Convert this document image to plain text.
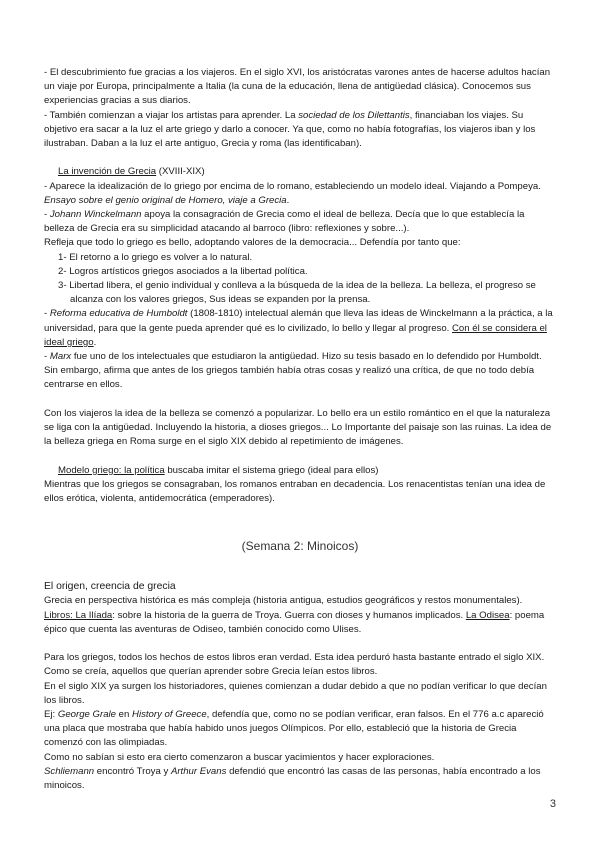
- El descubrimiento fue gracias a los viajeros. En el siglo XVI, los aristócratas varones antes de hacerse adultos hacían un viaje por Europa, principalmente a Italia (la cuna de la educación, llena de antigüedad clásica). Conocemos sus experiencias gracias a sus diarios.

- También comienzan a viajar los artistas para aprender. La sociedad de los Dilettantis, financiaban los viajes. Su objetivo era sacar a la luz el arte griego y darlo a conocer. Ya que, como no había fotografías, los viajeros iban y los ilustraban. Daban a la luz el arte antiguo, Grecia y roma (las identificaban).

La invención de Grecia (XVIII-XIX)

- Aparece la idealización de lo griego por encima de lo romano, estableciendo un modelo ideal. Viajando a Pompeya. Ensayo sobre el genio original de Homero, viaje a Grecia.

- Johann Winckelmann apoya la consagración de Grecia como el ideal de belleza. Decía que lo que establecía la belleza de Grecia era su simplicidad atacando al barroco (libro: reflexiones y sobre...).

Refleja que todo lo griego es bello, adoptando valores de la democracia... Defendía por tanto que:

1- El retorno a lo griego es volver a lo natural.

2- Logros artísticos griegos asociados a la libertad política.

3- Libertad libera, el genio individual y conlleva a la búsqueda de la idea de la belleza. La belleza, el progreso se alcanza con los valores griegos, Sus ideas se expanden por la prensa.

- Reforma educativa de Humboldt (1808-1810) intelectual alemán que lleva las ideas de Winckelmann a la práctica, a la universidad, para que la gente pueda aprender qué es lo civilizado, lo bello y llegar al progreso. Con él se considera el ideal griego.

- Marx fue uno de los intelectuales que estudiaron la antigüedad. Hizo su tesis basado en lo defendido por Humboldt. Sin embargo, afirma que antes de los griegos también había otras cosas y realizó una crítica, de que no todo debía centrarse en ellos.

Con los viajeros la idea de la belleza se comenzó a popularizar. Lo bello era un estilo romántico en el que la naturaleza se liga con la antigüedad. Incluyendo la historia, a dioses griegos... Lo Importante del paisaje son las ruinas. La idea de la belleza griega en Roma surge en el siglo XIX debido al repetimiento de imágenes.

Modelo griego: la política buscaba imitar el sistema griego (ideal para ellos)

Mientras que los griegos se consagraban, los romanos entraban en decadencia. Los renacentistas tenían una idea de ellos erótica, violenta, antidemocrática (emperadores).

(Semana 2: Minoicos)

El origen, creencia de grecia

Grecia en perspectiva histórica es más compleja (historia antigua, estudios geográficos y restos monumentales).

Libros: La Ilíada: sobre la historia de la guerra de Troya. Guerra con dioses y humanos implicados. La Odisea: poema épico que cuenta las aventuras de Odiseo, también conocido como Ulises.

Para los griegos, todos los hechos de estos libros eran verdad. Esta idea perduró hasta bastante entrado el siglo XIX. Como se creía, aquellos que querían aprender sobre Grecia leían estos libros.

En el siglo XIX ya surgen los historiadores, quienes comienzan a dudar debido a que no podían verificar lo que decían los libros.

Ej: George Grale en History of Greece, defendía que, como no se podían verificar, eran falsos. En el 776 a.c apareció una placa que mostraba que había habido unos juegos Olímpicos. Por ello, estableció que la historia de Grecia comenzó con las olimpiadas.

Como no sabían si esto era cierto comenzaron a buscar yacimientos y hacer exploraciones.

Schliemann encontró Troya y Arthur Evans defendió que encontró las casas de las personas, había encontrado a los minoicos.

3
